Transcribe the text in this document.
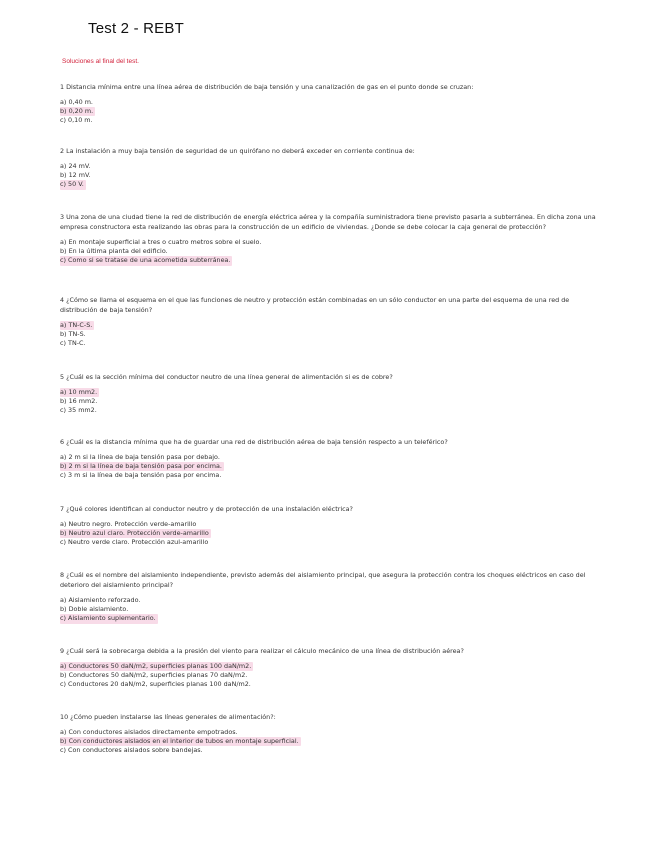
Test 2 - REBT
Soluciones al final del test.

1 Distancia mínima entre una línea aérea de distribución de baja tensión y una canalización de gas en el punto donde se cruzan:

a) 0,40 m.
b) 0,20 m.
c) 0,10 m.

2 La instalación a muy baja tensión de seguridad de un quirófano no deberá exceder en corriente continua de:

a) 24 mV.
b) 12 mV.
c) 50 V.

3 Una zona de una ciudad tiene la red de distribución de energía eléctrica aérea y la compañía suministradora tiene previsto pasarla a subterránea. En dicha zona una empresa constructora esta realizando las obras para la construcción de un edificio de viviendas. ¿Donde se debe colocar la caja general de protección?

a) En montaje superficial a tres o cuatro metros sobre el suelo.
b) En la última planta del edificio.
c) Como si se tratase de una acometida subterránea.

4 ¿Cómo se llama el esquema en el que las funciones de neutro y protección están combinadas en un sólo conductor en una parte del esquema de una red de distribución de baja tensión?

a) TN-C-S.
b) TN-S.
c) TN-C.

5 ¿Cuál es la sección mínima del conductor neutro de una línea general de alimentación si es de cobre?

a) 10 mm2.
b) 16 mm2.
c) 35 mm2.

6 ¿Cuál es la distancia mínima que ha de guardar una red de distribución aérea de baja tensión respecto a un teleférico?

a) 2 m si la línea de baja tensión pasa por debajo.
b) 2 m si la línea de baja tensión pasa por encima.
c) 3 m si la línea de baja tensión pasa por encima.

7 ¿Qué colores identifican al conductor neutro y de protección de una instalación eléctrica?

a) Neutro negro. Protección verde-amarillo
b) Neutro azul claro. Protección verde-amarillo
c) Neutro verde claro. Protección azul-amarillo

8 ¿Cuál es el nombre del aislamiento independiente, previsto además del aislamiento principal, que asegura la protección contra los choques eléctricos en caso del deterioro del aislamiento principal?

a) Aislamiento reforzado.
b) Doble aislamiento.
c) Aislamiento suplementario.

9 ¿Cuál será la sobrecarga debida a la presión del viento para realizar el cálculo mecánico de una línea de distribución aérea?

a) Conductores 50 daN/m2, superficies planas 100 daN/m2.
b) Conductores 50 daN/m2, superficies planas 70 daN/m2.
c) Conductores 20 daN/m2, superficies planas 100 daN/m2.

10 ¿Cómo pueden instalarse las líneas generales de alimentación?:

a) Con conductores aislados directamente empotrados.
b) Con conductores aislados en el interior de tubos en montaje superficial.
c) Con conductores aislados sobre bandejas.
